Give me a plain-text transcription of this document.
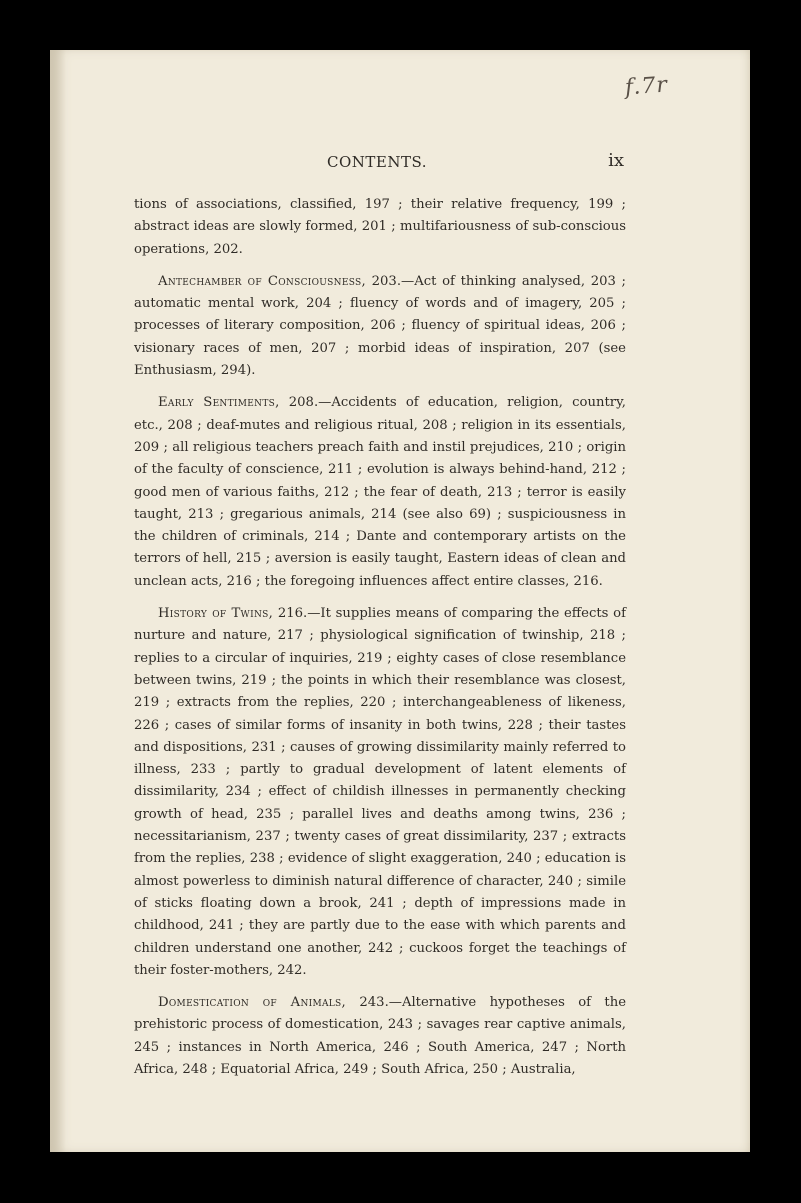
f.7r
CONTENTS.	ix

tions of associations, classified, 197 ; their relative frequency, 199 ; abstract ideas are slowly formed, 201 ; multifariousness of sub-conscious operations, 202.

Antechamber of Consciousness, 203.—Act of thinking analysed, 203 ; automatic mental work, 204 ; fluency of words and of imagery, 205 ; processes of literary composition, 206 ; fluency of spiritual ideas, 206 ; visionary races of men, 207 ; morbid ideas of inspiration, 207 (see Enthusiasm, 294).

Early Sentiments, 208.—Accidents of education, religion, country, etc., 208 ; deaf-mutes and religious ritual, 208 ; religion in its essentials, 209 ; all religious teachers preach faith and instil prejudices, 210 ; origin of the faculty of conscience, 211 ; evolution is always behind-hand, 212 ; good men of various faiths, 212 ; the fear of death, 213 ; terror is easily taught, 213 ; gregarious animals, 214 (see also 69) ; suspiciousness in the children of criminals, 214 ; Dante and contemporary artists on the terrors of hell, 215 ; aversion is easily taught, Eastern ideas of clean and unclean acts, 216 ; the foregoing influences affect entire classes, 216.

History of Twins, 216.—It supplies means of comparing the effects of nurture and nature, 217 ; physiological signification of twinship, 218 ; replies to a circular of inquiries, 219 ; eighty cases of close resemblance between twins, 219 ; the points in which their resemblance was closest, 219 ; extracts from the replies, 220 ; interchangeableness of likeness, 226 ; cases of similar forms of insanity in both twins, 228 ; their tastes and dispositions, 231 ; causes of growing dissimilarity mainly referred to illness, 233 ; partly to gradual development of latent elements of dissimilarity, 234 ; effect of childish illnesses in permanently checking growth of head, 235 ; parallel lives and deaths among twins, 236 ; necessitarianism, 237 ; twenty cases of great dissimilarity, 237 ; extracts from the replies, 238 ; evidence of slight exaggeration, 240 ; education is almost powerless to diminish natural difference of character, 240 ; simile of sticks floating down a brook, 241 ; depth of impressions made in childhood, 241 ; they are partly due to the ease with which parents and children understand one another, 242 ; cuckoos forget the teachings of their foster-mothers, 242.

Domestication of Animals, 243.—Alternative hypotheses of the prehistoric process of domestication, 243 ; savages rear captive animals, 245 ; instances in North America, 246 ; South America, 247 ; North Africa, 248 ; Equatorial Africa, 249 ; South Africa, 250 ; Australia,
